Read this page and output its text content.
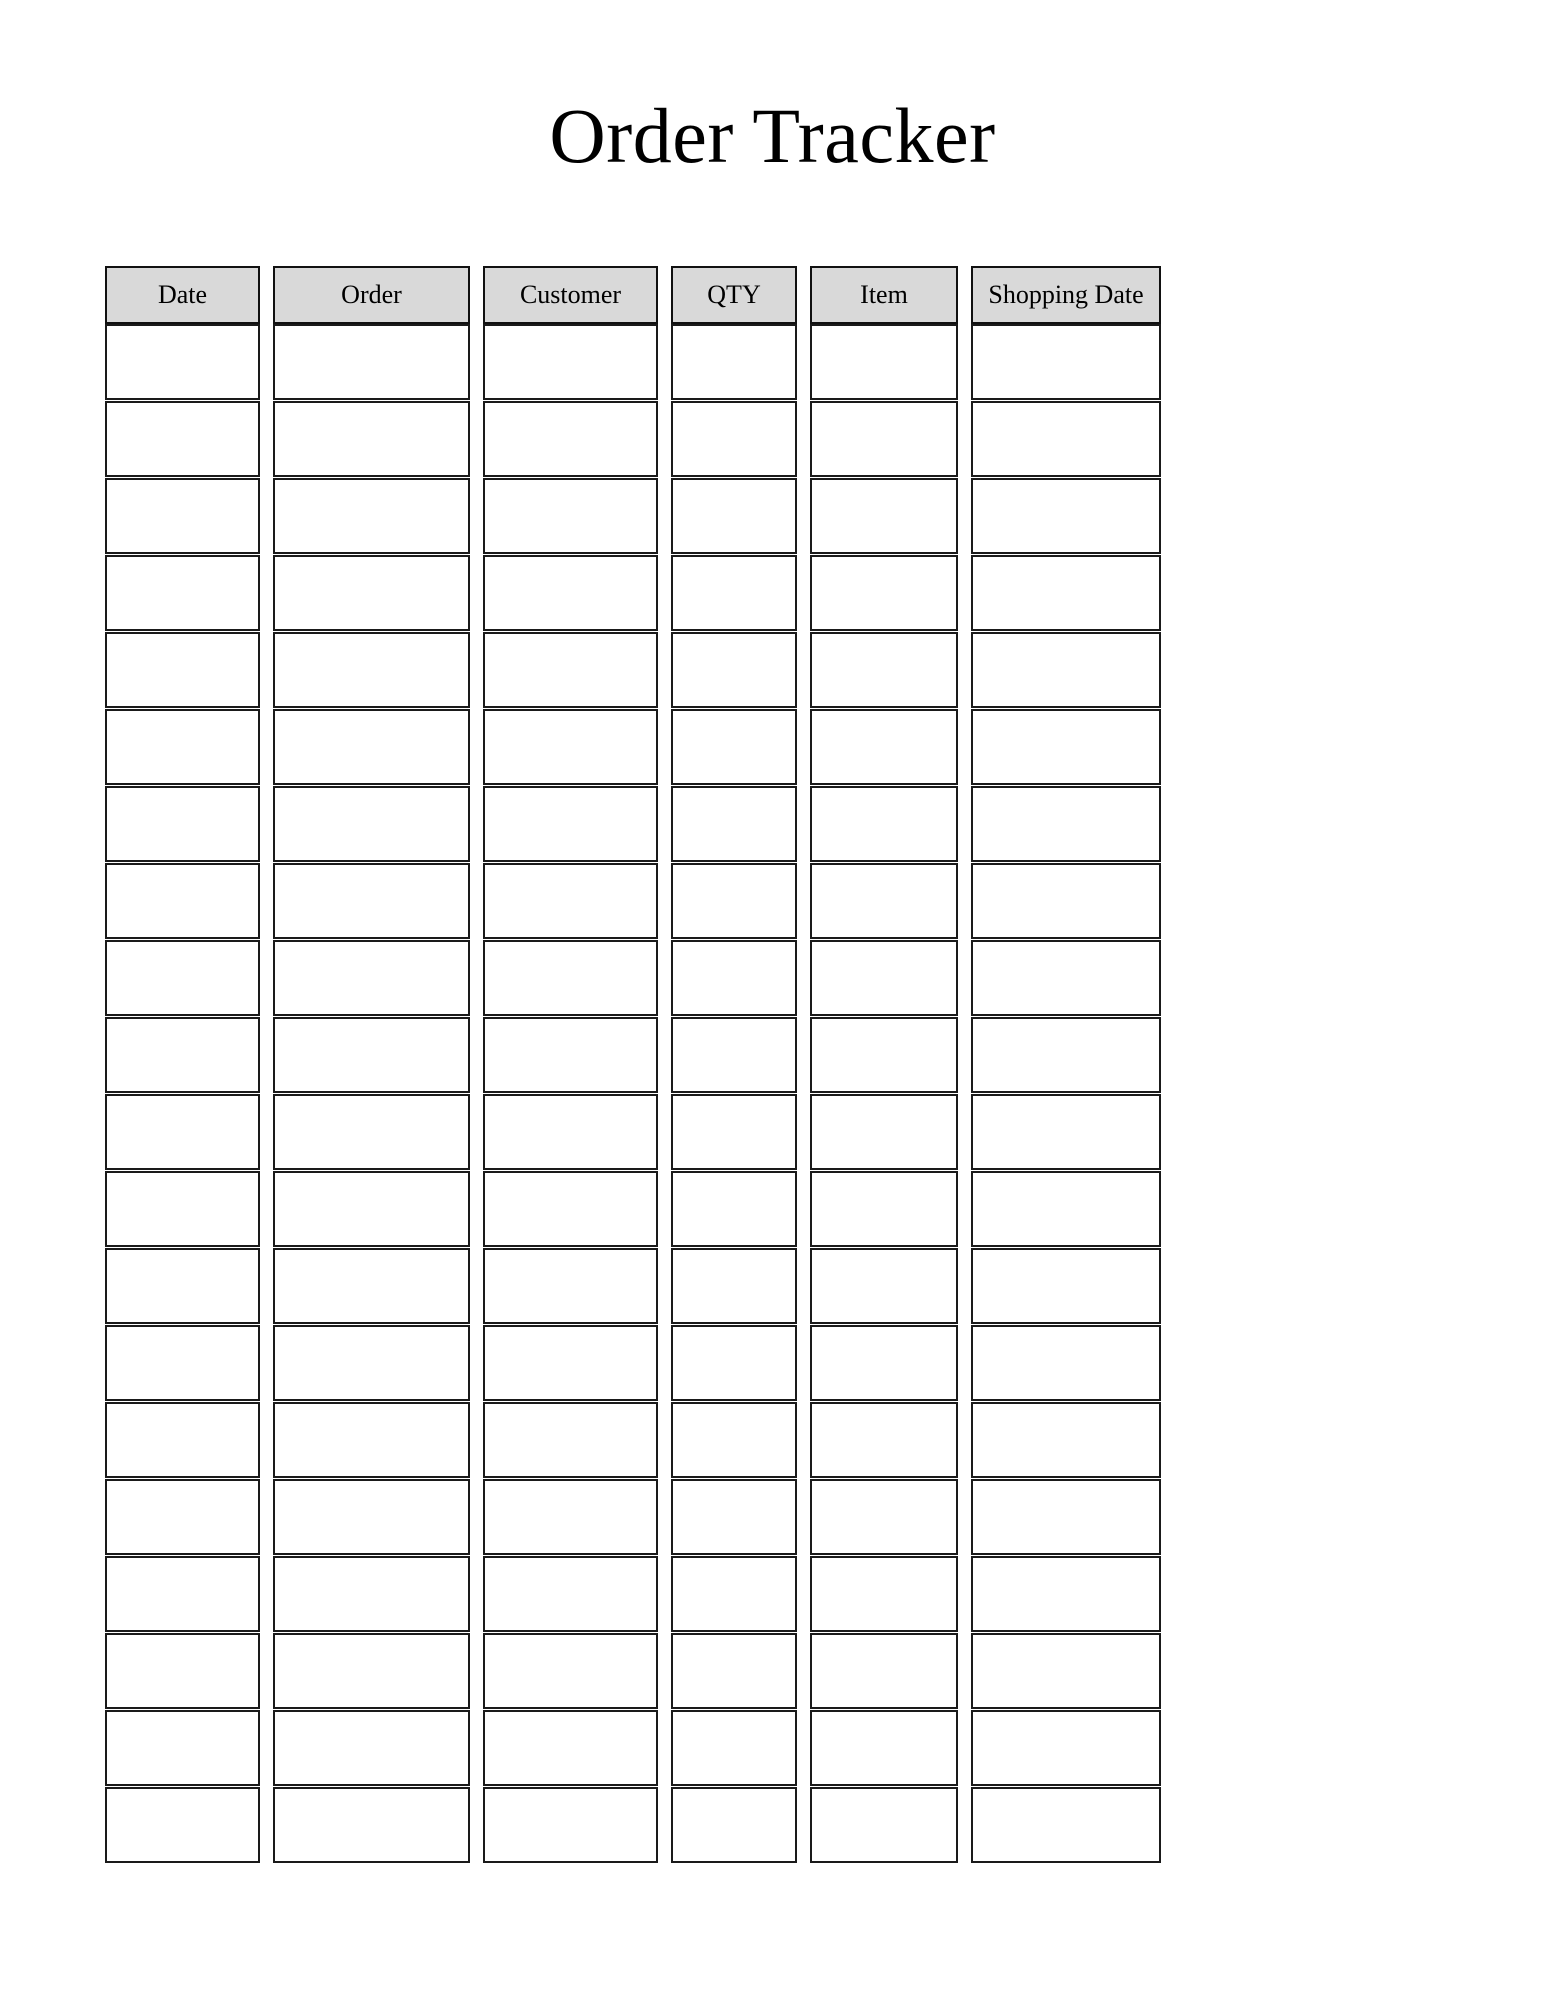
Order Tracker
Date	Order	Customer	QTY	Item	Shopping Date
